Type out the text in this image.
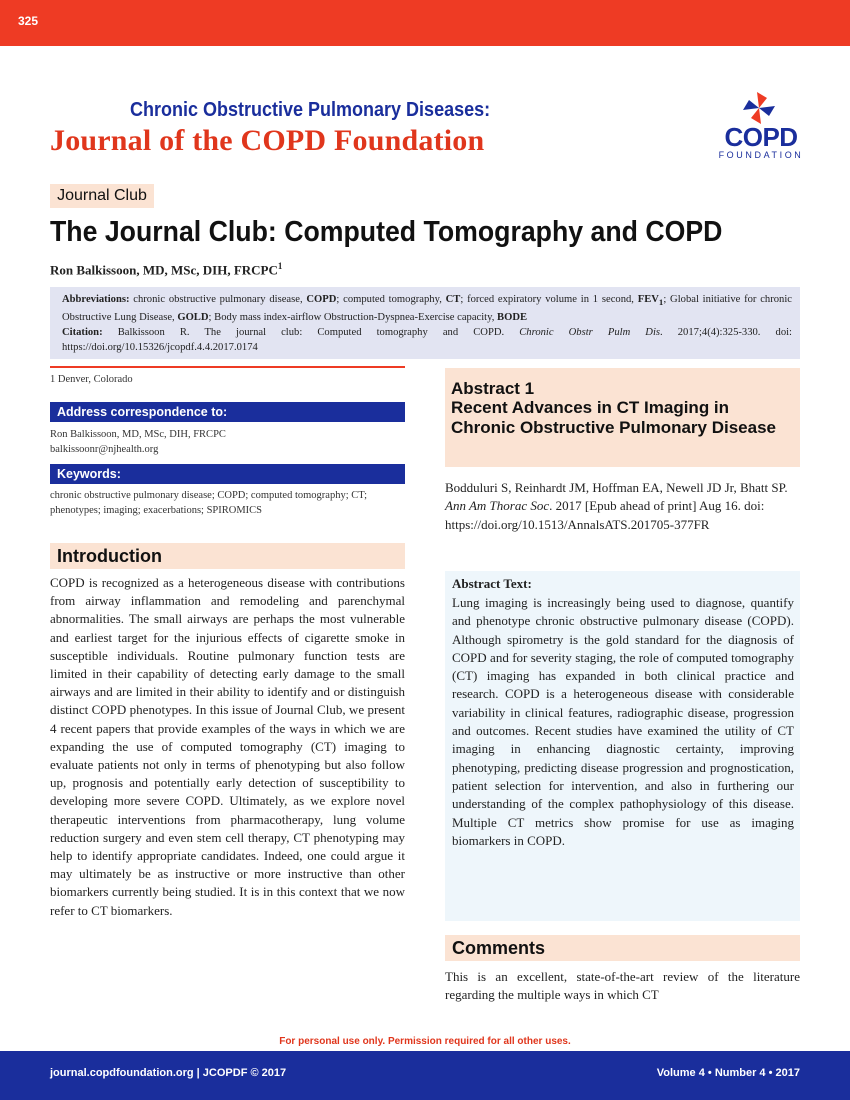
325
Chronic Obstructive Pulmonary Diseases:
Journal of the COPD Foundation	COPD
FOUNDATION
Journal Club
The Journal Club: Computed Tomography and COPD
Ron Balkissoon, MD, MSc, DIH, FRCPC$^1$
Abbreviations: chronic obstructive pulmonary disease, COPD; computed tomography, CT; forced expiratory volume in 1 second, $FEV_1$; Global initiative for chronic Obstructive Lung Disease, GOLD; Body mass index-airflow Obstruction-Dyspnea-Exercise capacity, BODE
Citation: Balkissoon R. The journal club: Computed tomography and COPD. Chronic Obstr Pulm Dis. 2017;4(4):325-330. doi: https://doi.org/10.15326/jcopdf.4.4.2017.0174
1 Denver, Colorado
Address correspondence to:
Ron Balkissoon, MD, MSc, DIH, FRCPC
balkissoonr@njhealth.org
Keywords:
chronic obstructive pulmonary disease; COPD; computed tomography; CT; phenotypes; imaging; exacerbations; SPIROMICS
Introduction
COPD is recognized as a heterogeneous disease with contributions from airway inflammation and remodeling and parenchymal abnormalities. The small airways are perhaps the most vulnerable and earliest target for the injurious effects of cigarette smoke in susceptible individuals. Routine pulmonary function tests are limited in their capability of detecting early damage to the small airways and are limited in their ability to identify and or distinguish distinct COPD phenotypes. In this issue of Journal Club, we present 4 recent papers that provide examples of the ways in which we are expanding the use of computed tomography (CT) imaging to evaluate patients not only in terms of phenotyping but also follow up, prognosis and potentially early detection of susceptibility to developing more severe COPD. Ultimately, as we explore novel therapeutic interventions from pharmacotherapy, lung volume reduction surgery and even stem cell therapy, CT phenotyping may help to identify appropriate candidates. Indeed, one could argue it may ultimately be as instructive or more instructive than other biomarkers currently being studied. It is in this context that we now refer to CT biomarkers.
Abstract 1
Recent Advances in CT Imaging in Chronic Obstructive Pulmonary Disease
Bodduluri S, Reinhardt JM, Hoffman EA, Newell JD Jr, Bhatt SP. Ann Am Thorac Soc. 2017 [Epub ahead of print] Aug 16. doi: https://doi.org/10.1513/AnnalsATS.201705-377FR
Abstract Text:
Lung imaging is increasingly being used to diagnose, quantify and phenotype chronic obstructive pulmonary disease (COPD). Although spirometry is the gold standard for the diagnosis of COPD and for severity staging, the role of computed tomography (CT) imaging has expanded in both clinical practice and research. COPD is a heterogeneous disease with considerable variability in clinical features, radiographic disease, progression and outcomes. Recent studies have examined the utility of CT imaging in enhancing diagnostic certainty, improving phenotyping, predicting disease progression and prognostication, patient selection for intervention, and also in furthering our understanding of the complex pathophysiology of this disease. Multiple CT metrics show promise for use as imaging biomarkers in COPD.
Comments
This is an excellent, state-of-the-art review of the literature regarding the multiple ways in which CT
For personal use only. Permission required for all other uses.
journal.copdfoundation.org | JCOPDF © 2017	Volume 4 • Number 4 • 2017
